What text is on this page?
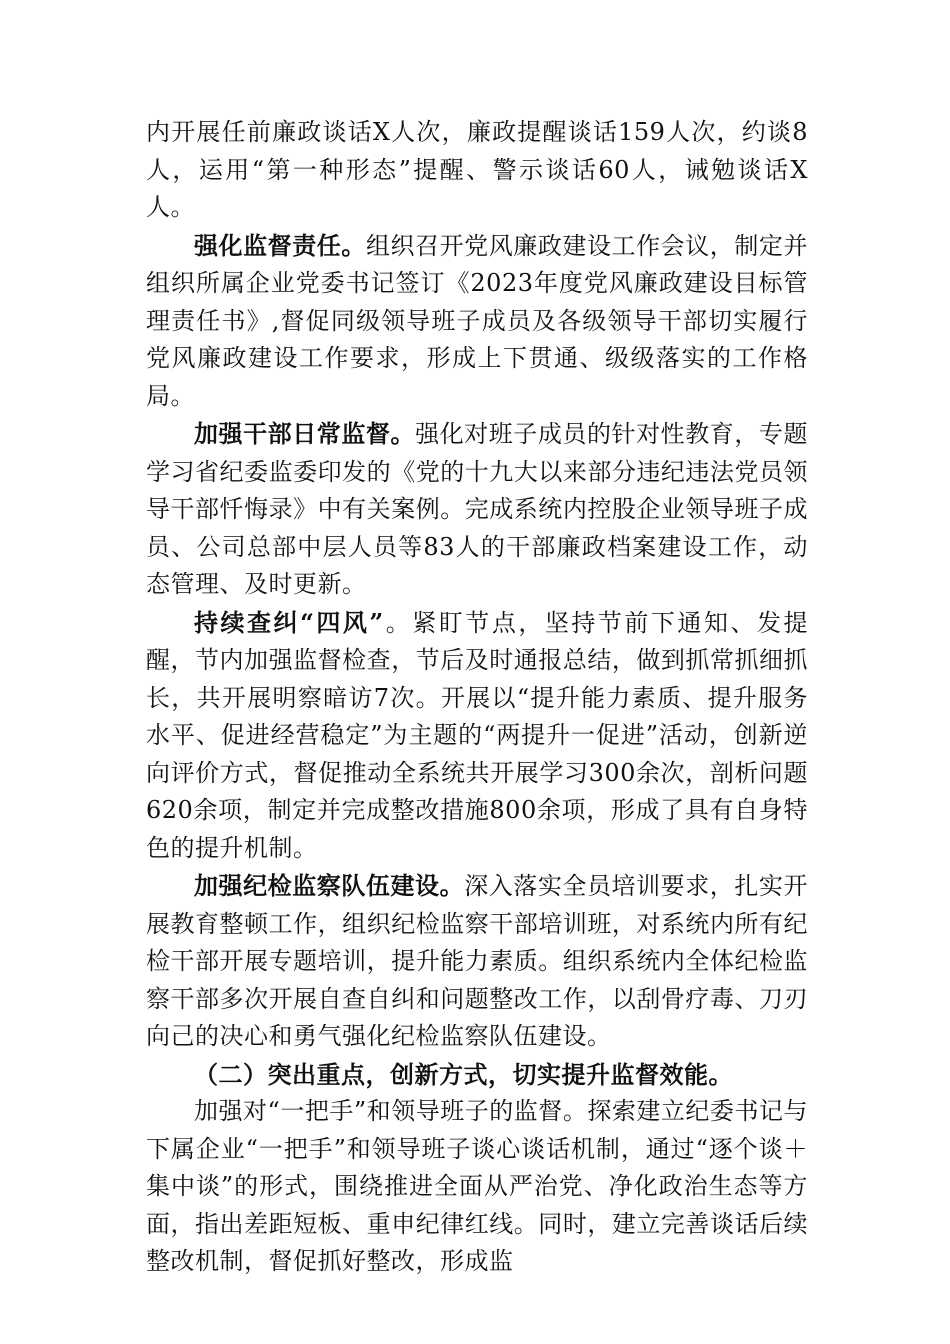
内开展任前廉政谈话X人次，廉政提醒谈话159人次，约谈8人，运用“第一种形态”提醒、警示谈话60人，诫勉谈话X人。

强化监督责任。组织召开党风廉政建设工作会议，制定并组织所属企业党委书记签订《2023年度党风廉政建设目标管理责任书》,督促同级领导班子成员及各级领导干部切实履行党风廉政建设工作要求，形成上下贯通、级级落实的工作格局。

加强干部日常监督。强化对班子成员的针对性教育，专题学习省纪委监委印发的《党的十九大以来部分违纪违法党员领导干部忏悔录》中有关案例。完成系统内控股企业领导班子成员、公司总部中层人员等83人的干部廉政档案建设工作，动态管理、及时更新。

持续查纠“四风”。紧盯节点，坚持节前下通知、发提醒，节内加强监督检查，节后及时通报总结，做到抓常抓细抓长，共开展明察暗访7次。开展以“提升能力素质、提升服务水平、促进经营稳定”为主题的“两提升一促进”活动，创新逆向评价方式，督促推动全系统共开展学习300余次，剖析问题620余项，制定并完成整改措施800余项，形成了具有自身特色的提升机制。

加强纪检监察队伍建设。深入落实全员培训要求，扎实开展教育整顿工作，组织纪检监察干部培训班，对系统内所有纪检干部开展专题培训，提升能力素质。组织系统内全体纪检监察干部多次开展自查自纠和问题整改工作，以刮骨疗毒、刀刃向己的决心和勇气强化纪检监察队伍建设。

（二）突出重点，创新方式，切实提升监督效能。

加强对“一把手”和领导班子的监督。探索建立纪委书记与下属企业“一把手”和领导班子谈心谈话机制，通过“逐个谈＋集中谈”的形式，围绕推进全面从严治党、净化政治生态等方面，指出差距短板、重申纪律红线。同时，建立完善谈话后续整改机制，督促抓好整改，形成监
